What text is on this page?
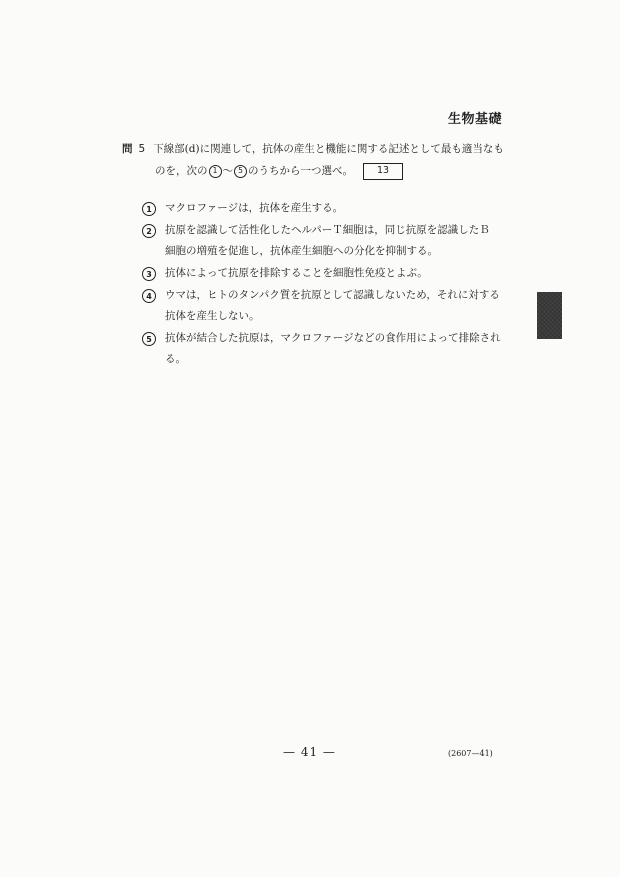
生物基礎
問 5 下線部(d)に関連して，抗体の産生と機能に関する記述として最も適当なも
のを，次の 1 ～ 5 のうちから一つ選べ。	13
1	マクロファージは，抗体を産生する。
2	抗原を認識して活性化したヘルパーＴ細胞は，同じ抗原を認識したＢ
細胞の増殖を促進し，抗体産生細胞への分化を抑制する。
3	抗体によって抗原を排除することを細胞性免疫とよぶ。
4	ウマは，ヒトのタンパク質を抗原として認識しないため，それに対する
抗体を産生しない。
5	抗体が結合した抗原は，マクロファージなどの食作用によって排除され
る。
— 41 —	(2607—41)
